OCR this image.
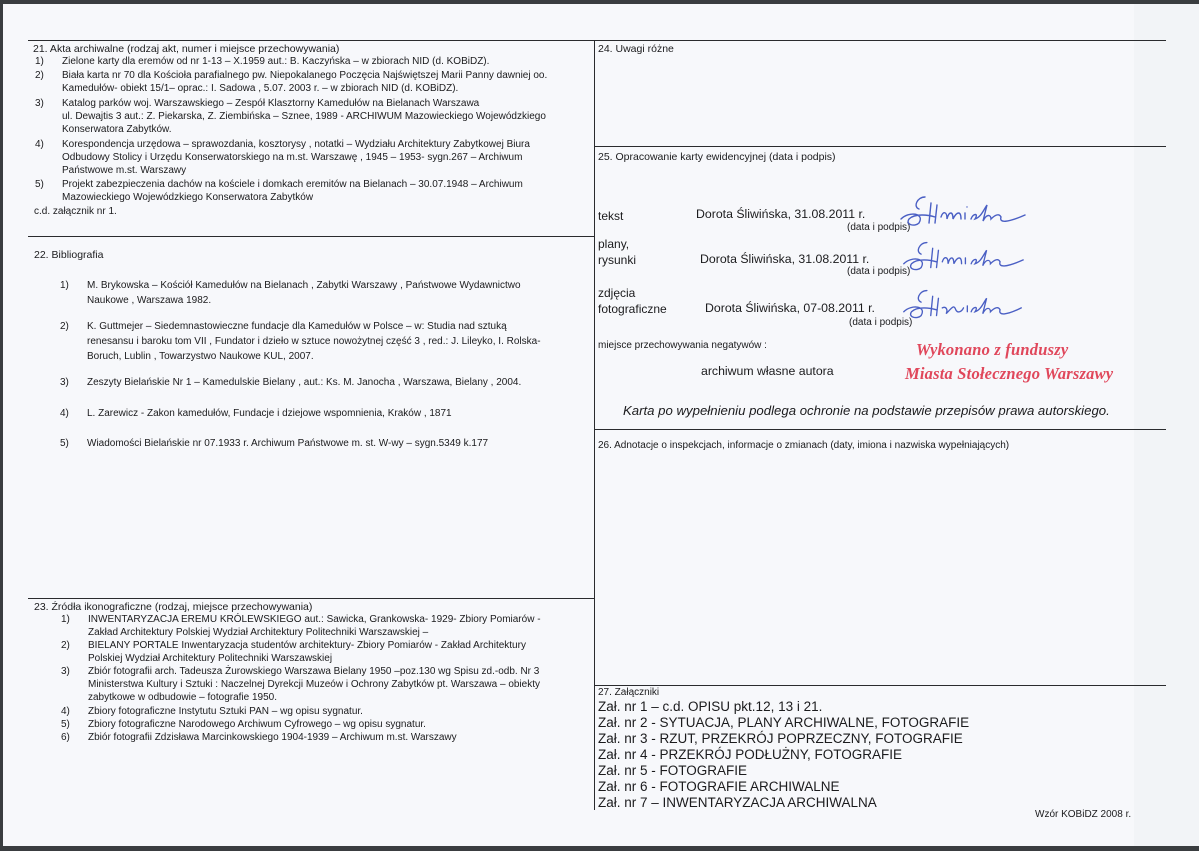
21. Akta archiwalne (rodzaj akt, numer i miejsce przechowywania)
1)	Zielone karty dla eremów od nr 1-13 – X.1959 aut.: B. Kaczyńska – w zbiorach NID (d. KOBiDZ).
2)	Biała karta nr 70 dla Kościoła parafialnego pw. Niepokalanego Poczęcia Najświętszej Marii Panny dawniej oo.
Kamedułów- obiekt 15/1– oprac.: I. Sadowa , 5.07. 2003 r. – w zbiorach NID (d. KOBiDZ).
3)	Katalog parków woj. Warszawskiego – Zespół Klasztorny Kamedułów na Bielanach Warszawa
ul. Dewajtis 3 aut.: Z. Piekarska, Z. Ziembińska – Sznee, 1989 - ARCHIWUM Mazowieckiego Wojewódzkiego
Konserwatora Zabytków.
4)	Korespondencja urzędowa – sprawozdania, kosztorysy , notatki – Wydziału Architektury Zabytkowej Biura
Odbudowy Stolicy i Urzędu Konserwatorskiego na m.st. Warszawę , 1945 – 1953- sygn.267 – Archiwum
Państwowe m.st. Warszawy
5)	Projekt zabezpieczenia dachów na kościele i domkach eremitów na Bielanach – 30.07.1948 – Archiwum
Mazowieckiego Wojewódzkiego Konserwatora Zabytków
c.d. załącznik nr 1.
22. Bibliografia
1)	M. Brykowska – Kościół Kamedułów na Bielanach , Zabytki Warszawy , Państwowe Wydawnictwo
Naukowe , Warszawa 1982.
2)	K. Guttmejer – Siedemnastowieczne fundacje dla Kamedułów w Polsce – w: Studia nad sztuką
renesansu i baroku tom VII , Fundator i dzieło w sztuce nowożytnej część 3 , red.: J. Lileyko, I. Rolska-
Boruch, Lublin , Towarzystwo Naukowe KUL, 2007.
3)	Zeszyty Bielańskie Nr 1 – Kamedulskie Bielany , aut.: Ks. M. Janocha , Warszawa, Bielany , 2004.
4)	L. Zarewicz - Zakon kamedułów, Fundacje i dziejowe wspomnienia, Kraków , 1871
5)	Wiadomości Bielańskie nr 07.1933 r. Archiwum Państwowe m. st. W-wy – sygn.5349 k.177
23. Źródła ikonograficzne (rodzaj, miejsce przechowywania)
1)	INWENTARYZACJA EREMU KRÓLEWSKIEGO aut.: Sawicka, Grankowska- 1929- Zbiory Pomiarów -
Zakład Architektury Polskiej Wydział Architektury Politechniki Warszawskiej –
2)	BIELANY PORTALE Inwentaryzacja studentów architektury- Zbiory Pomiarów - Zakład Architektury
Polskiej Wydział Architektury Politechniki Warszawskiej
3)	Zbiór fotografii arch. Tadeusza Żurowskiego Warszawa Bielany 1950 –poz.130 wg Spisu zd.-odb. Nr 3
Ministerstwa Kultury i Sztuki : Naczelnej Dyrekcji Muzeów i Ochrony Zabytków pt. Warszawa – obiekty
zabytkowe w odbudowie – fotografie 1950.
4)	Zbiory fotograficzne Instytutu Sztuki PAN – wg opisu sygnatur.
5)	Zbiory fotograficzne Narodowego Archiwum Cyfrowego – wg opisu sygnatur.
6)	Zbiór fotografii Zdzisława Marcinkowskiego 1904-1939 – Archiwum m.st. Warszawy
24. Uwagi różne
25. Opracowanie karty ewidencyjnej (data i podpis)
tekst	Dorota Śliwińska, 31.08.2011 r.
(data i podpis)
plany,
rysunki	Dorota Śliwińska, 31.08.2011 r.
(data i podpis)
zdjęcia
fotograficzne	Dorota Śliwińska, 07-08.2011 r.
(data i podpis)
miejsce przechowywania negatywów :
archiwum własne autora
Wykonano z funduszy
Miasta Stołecznego Warszawy
Karta po wypełnieniu podlega ochronie na podstawie przepisów prawa autorskiego.
26. Adnotacje o inspekcjach, informacje o zmianach (daty, imiona i nazwiska wypełniających)
27. Załączniki
Zał. nr 1 – c.d. OPISU pkt.12, 13 i 21.
Zał. nr 2 - SYTUACJA, PLANY ARCHIWALNE, FOTOGRAFIE
Zał. nr 3 - RZUT, PRZEKRÓJ POPRZECZNY, FOTOGRAFIE
Zał. nr 4 - PRZEKRÓJ PODŁUŻNY, FOTOGRAFIE
Zał. nr 5 - FOTOGRAFIE
Zał. nr 6 - FOTOGRAFIE ARCHIWALNE
Zał. nr 7 – INWENTARYZACJA ARCHIWALNA
Wzór KOBiDZ 2008 r.
